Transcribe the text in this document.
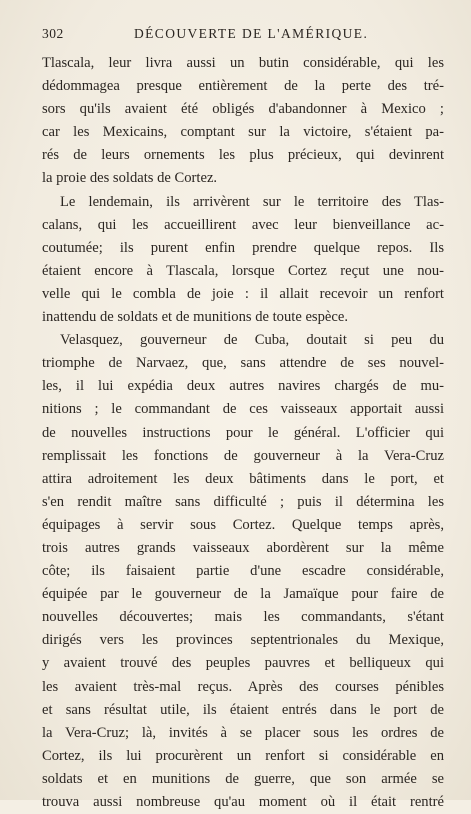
302	DÉCOUVERTE DE L'AMÉRIQUE.
Tlascala, leur livra aussi un butin considérable, qui les
dédommagea presque entièrement de la perte des tré-
sors qu'ils avaient été obligés d'abandonner à Mexico ;
car les Mexicains, comptant sur la victoire, s'étaient pa-
rés de leurs ornements les plus précieux, qui devinrent
la proie des soldats de Cortez.
Le lendemain, ils arrivèrent sur le territoire des Tlas-
calans, qui les accueillirent avec leur bienveillance ac-
coutumée; ils purent enfin prendre quelque repos. Ils
étaient encore à Tlascala, lorsque Cortez reçut une nou-
velle qui le combla de joie : il allait recevoir un renfort
inattendu de soldats et de munitions de toute espèce.
Velasquez, gouverneur de Cuba, doutait si peu du
triomphe de Narvaez, que, sans attendre de ses nouvel-
les, il lui expédia deux autres navires chargés de mu-
nitions ; le commandant de ces vaisseaux apportait aussi
de nouvelles instructions pour le général. L'officier qui
remplissait les fonctions de gouverneur à la Vera-Cruz
attira adroitement les deux bâtiments dans le port, et
s'en rendit maître sans difficulté ; puis il détermina les
équipages à servir sous Cortez. Quelque temps après,
trois autres grands vaisseaux abordèrent sur la même
côte; ils faisaient partie d'une escadre considérable,
équipée par le gouverneur de la Jamaïque pour faire de
nouvelles découvertes; mais les commandants, s'étant
dirigés vers les provinces septentrionales du Mexique,
y avaient trouvé des peuples pauvres et belliqueux qui
les avaient très-mal reçus. Après des courses pénibles
et sans résultat utile, ils étaient entrés dans le port de
la Vera-Cruz; là, invités à se placer sous les ordres de
Cortez, ils lui procurèrent un renfort si considérable en
soldats et en munitions de guerre, que son armée se
trouva aussi nombreuse qu'au moment où il était rentré
